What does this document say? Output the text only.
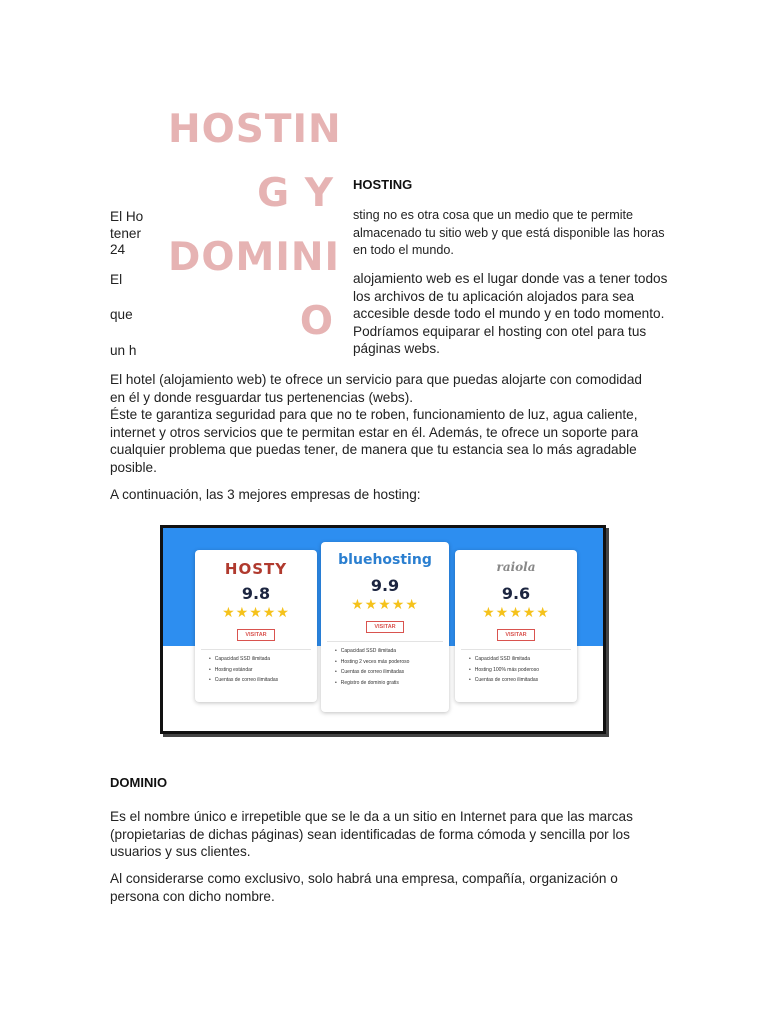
HOSTIN
G Y
DOMINI
O
El Ho
tener
24
El
que
un h
HOSTING
sting no es otra cosa que un medio que te permite almacenado tu sitio web y que está disponible las horas en todo el mundo.
alojamiento web es el lugar donde vas a tener todos los archivos de tu aplicación alojados para sea accesible desde todo el mundo y en todo momento. Podríamos equiparar el hosting con otel para tus páginas webs.
El hotel (alojamiento web) te ofrece un servicio para que puedas alojarte con comodidad en él y donde resguardar tus pertenencias (webs).
Éste te garantiza seguridad para que no te roben, funcionamiento de luz, agua caliente, internet y otros servicios que te permitan estar en él. Además, te ofrece un soporte para cualquier problema que puedas tener, de manera que tu estancia sea lo más agradable posible.
A continuación, las 3 mejores empresas de hosting:
HOSTY
9.8
★★★★★
VISITAR
• Capacidad SSD ilimitada
• Hosting estándar
• Cuentas de correo ilimitadas
bluehosting
9.9
★★★★★
VISITAR
• Capacidad SSD ilimitada
• Hosting 2 veces más poderoso
• Cuentas de correo ilimitadas
• Registro de dominio gratis
raiola
9.6
★★★★★
VISITAR
• Capacidad SSD ilimitada
• Hosting 100% más poderoso
• Cuentas de correo ilimitadas
DOMINIO
Es el nombre único e irrepetible que se le da a un sitio en Internet para que las marcas (propietarias de dichas páginas) sean identificadas de forma cómoda y sencilla por los usuarios y sus clientes.
Al considerarse como exclusivo, solo habrá una empresa, compañía, organización o persona con dicho nombre.
